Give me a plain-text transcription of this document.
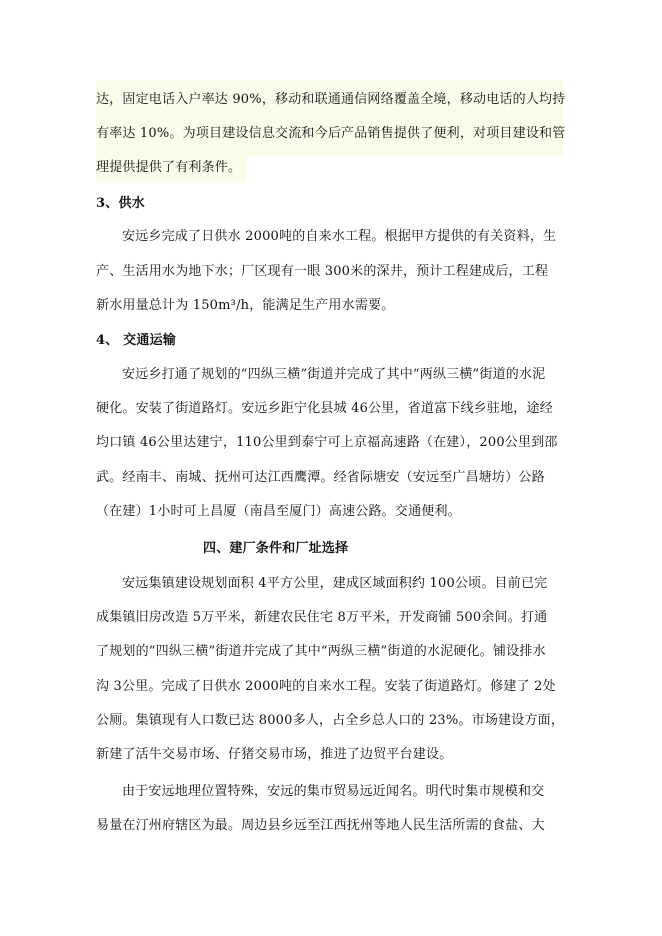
达，固定电话入户率达 90%，移动和联通通信网络覆盖全境，移动电话的人均持
有率达 10%。为项目建设信息交流和今后产品销售提供了便利，对项目建设和管
理提供提供了有利条件。
3、供水
安远乡完成了日供水 2000吨的自来水工程。根据甲方提供的有关资料，生
产、生活用水为地下水；厂区现有一眼 300米的深井，预计工程建成后，工程
新水用量总计为 150m³/h，能满足生产用水需要。
4、 交通运输
安远乡打通了规划的“四纵三横”街道并完成了其中“两纵三横”街道的水泥
硬化。安装了街道路灯。安远乡距宁化县城 46公里，省道富下线乡驻地，途经
均口镇 46公里达建宁，110公里到泰宁可上京福高速路（在建），200公里到邵
武。经南丰、南城、抚州可达江西鹰潭。经省际塘安（安远至广昌塘坊）公路
（在建）1小时可上昌厦（南昌至厦门）高速公路。交通便利。
四、建厂条件和厂址选择
安远集镇建设规划面积 4平方公里，建成区域面积约 100公顷。目前已完
成集镇旧房改造 5万平米，新建农民住宅 8万平米，开发商铺 500余间。打通
了规划的“四纵三横”街道并完成了其中“两纵三横”街道的水泥硬化。铺设排水
沟 3公里。完成了日供水 2000吨的自来水工程。安装了街道路灯。修建了 2处
公厕。集镇现有人口数已达 8000多人，占全乡总人口的 23%。市场建设方面，
新建了活牛交易市场、仔猪交易市场，推进了边贸平台建设。
由于安远地理位置特殊，安远的集市贸易远近闻名。明代时集市规模和交
易量在汀州府辖区为最。周边县乡远至江西抚州等地人民生活所需的食盐、大
